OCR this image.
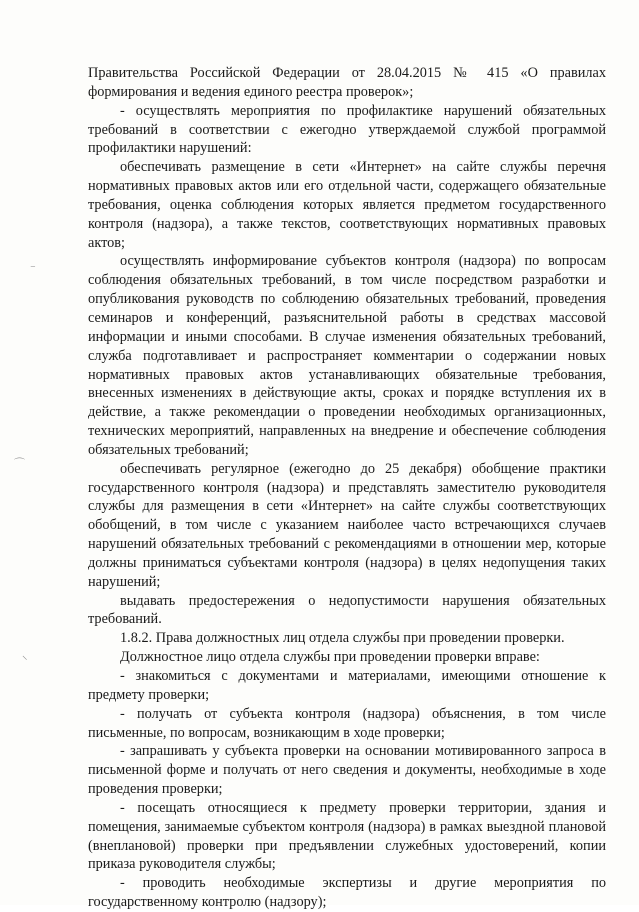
⁻
⌒
⸜

Правительства Российской Федерации от 28.04.2015 № 415 «О правилах формирования и ведения единого реестра проверок»;

- осуществлять мероприятия по профилактике нарушений обязательных требований в соответствии с ежегодно утверждаемой службой программой профилактики нарушений:

обеспечивать размещение в сети «Интернет» на сайте службы перечня нормативных правовых актов или его отдельной части, содержащего обязательные требования, оценка соблюдения которых является предметом государственного контроля (надзора), а также текстов, соответствующих нормативных правовых актов;

осуществлять информирование субъектов контроля (надзора) по вопросам соблюдения обязательных требований, в том числе посредством разработки и опубликования руководств по соблюдению обязательных требований, проведения семинаров и конференций, разъяснительной работы в средствах массовой информации и иными способами. В случае изменения обязательных требований, служба подготавливает и распространяет комментарии о содержании новых нормативных правовых актов устанавливающих обязательные требования, внесенных изменениях в действующие акты, сроках и порядке вступления их в действие, а также рекомендации о проведении необходимых организационных, технических мероприятий, направленных на внедрение и обеспечение соблюдения обязательных требований;

обеспечивать регулярное (ежегодно до 25 декабря) обобщение практики государственного контроля (надзора) и представлять заместителю руководителя службы для размещения в сети «Интернет» на сайте службы соответствующих обобщений, в том числе с указанием наиболее часто встречающихся случаев нарушений обязательных требований с рекомендациями в отношении мер, которые должны приниматься субъектами контроля (надзора) в целях недопущения таких нарушений;

выдавать предостережения о недопустимости нарушения обязательных требований.

1.8.2. Права должностных лиц отдела службы при проведении проверки.

Должностное лицо отдела службы при проведении проверки вправе:

- знакомиться с документами и материалами, имеющими отношение к предмету проверки;

- получать от субъекта контроля (надзора) объяснения, в том числе письменные, по вопросам, возникающим в ходе проверки;

- запрашивать у субъекта проверки на основании мотивированного запроса в письменной форме и получать от него сведения и документы, необходимые в ходе проведения проверки;

- посещать относящиеся к предмету проверки территории, здания и помещения, занимаемые субъектом контроля (надзора) в рамках выездной плановой (внеплановой) проверки при предъявлении служебных удостоверений, копии приказа руководителя службы;

- проводить необходимые экспертизы и другие мероприятия по государственному контролю (надзору);
